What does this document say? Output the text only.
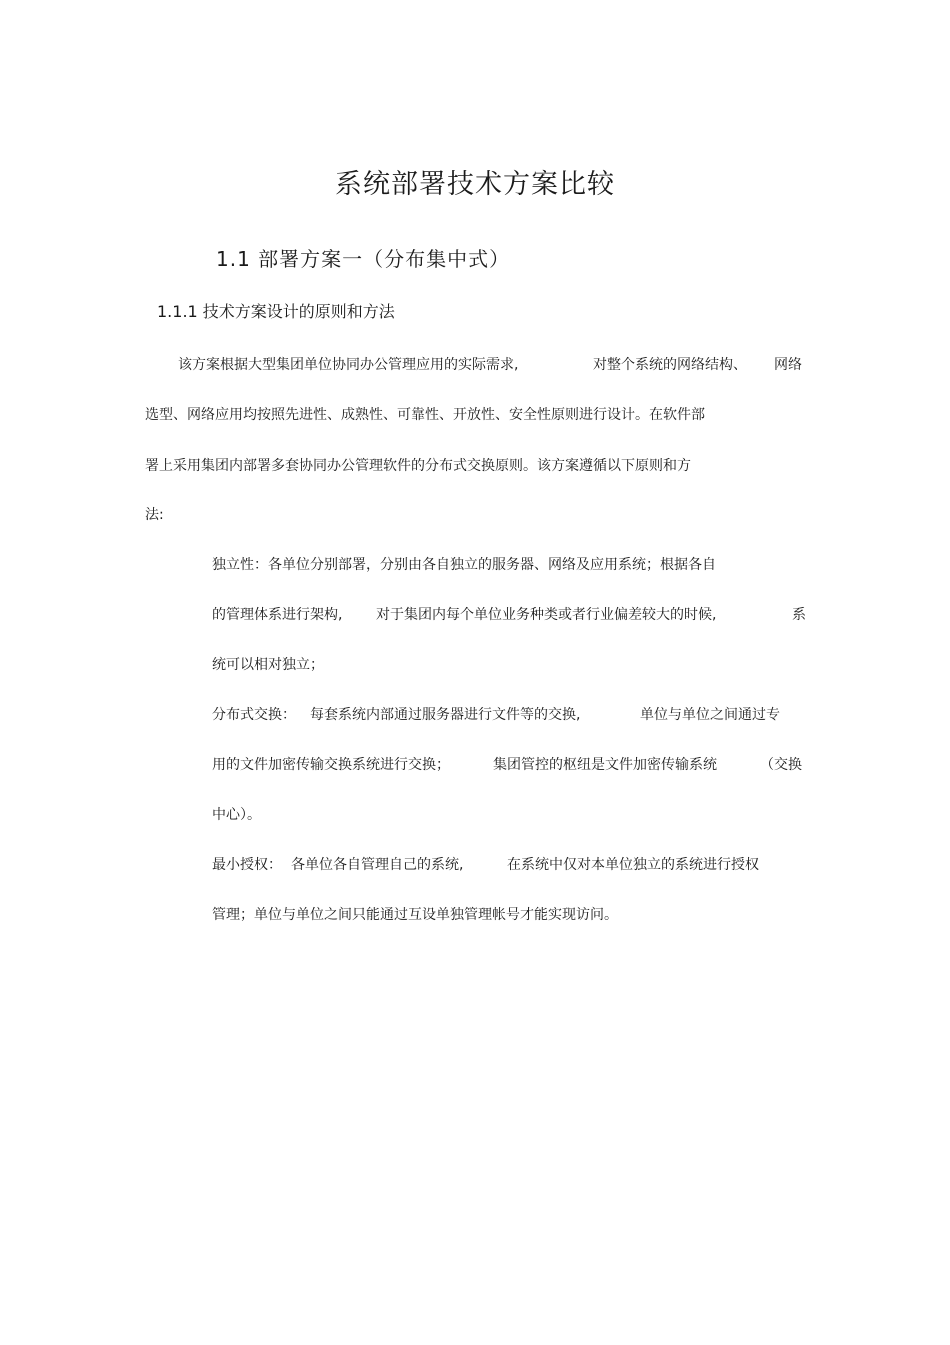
系统部署技术方案比较
1.1 部署方案一（分布集中式）
1.1.1 技术方案设计的原则和方法
该方案根据大型集团单位协同办公管理应用的实际需求,	对整个系统的网络结构、 网络
选型、网络应用均按照先进性、成熟性、可靠性、开放性、安全性原则进行设计。在软件部
署上采用集团内部署多套协同办公管理软件的分布式交换原则。该方案遵循以下原则和方
法:
独立性：各单位分别部署，分别由各自独立的服务器、网络及应用系统；根据各自
的管理体系进行架构, 对于集团内每个单位业务种类或者行业偏差较大的时候,	系
统可以相对独立；
分布式交换： 每套系统内部通过服务器进行文件等的交换,	单位与单位之间通过专
用的文件加密传输交换系统进行交换；	集团管控的枢纽是文件加密传输系统	（交换
中心）。
最小授权： 各单位各自管理自己的系统,	在系统中仅对本单位独立的系统进行授权
管理；单位与单位之间只能通过互设单独管理帐号才能实现访问。
